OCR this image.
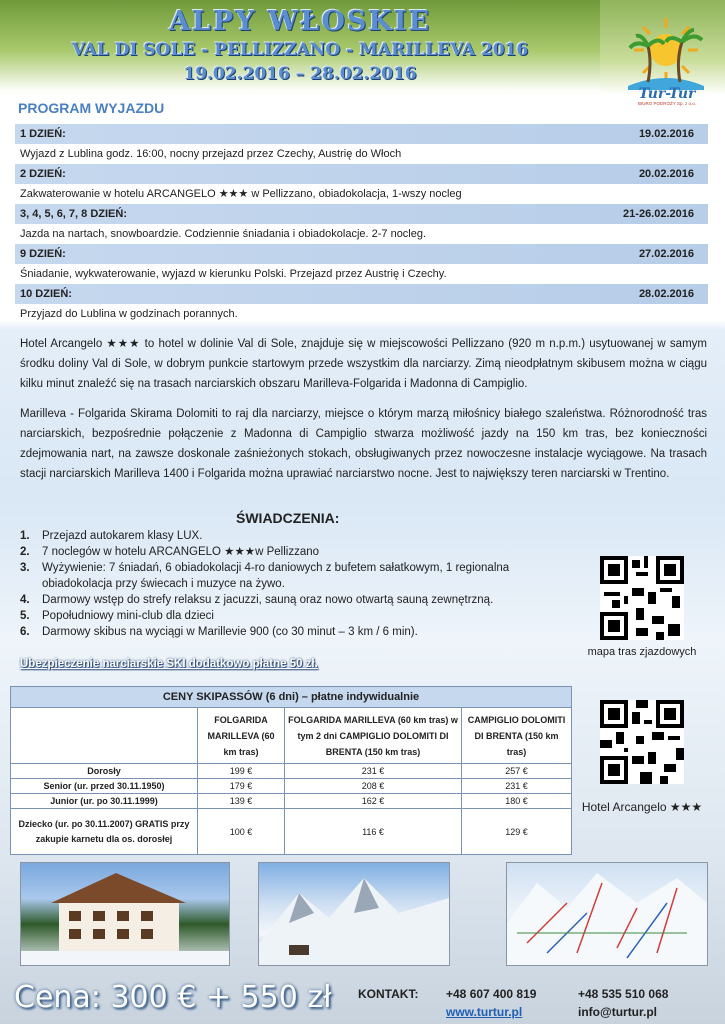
ALPY WŁOSKIE
VAL DI SOLE - PELLIZZANO - MARILLEVA 2016
19.02.2016 – 28.02.2016
Tur-Tur
BIURO PODRÓŻY Sp. z o.o.
PROGRAM WYJAZDU
1 DZIEŃ:	19.02.2016
Wyjazd z Lublina godz. 16:00, nocny przejazd przez Czechy, Austrię do Włoch
2 DZIEŃ:	20.02.2016
Zakwaterowanie w hotelu ARCANGELO ★★★ w Pellizzano, obiadokolacja, 1-wszy nocleg
3, 4, 5, 6, 7, 8 DZIEŃ:	21-26.02.2016
Jazda na nartach, snowboardzie. Codziennie śniadania i obiadokolacje. 2-7 nocleg.
9 DZIEŃ:	27.02.2016
Śniadanie, wykwaterowanie, wyjazd w kierunku Polski. Przejazd przez Austrię i Czechy.
10 DZIEŃ:	28.02.2016
Przyjazd do Lublina w godzinach porannych.
Hotel Arcangelo ★★★ to hotel w dolinie Val di Sole, znajduje się w miejscowości Pellizzano (920 m n.p.m.) usytuowanej w samym środku doliny Val di Sole, w dobrym punkcie startowym przede wszystkim dla narciarzy. Zimą nieodpłatnym skibusem można w ciągu kilku minut znaleźć się na trasach narciarskich obszaru Marilleva-Folgarida i Madonna di Campiglio.
Marilleva - Folgarida Skirama Dolomiti to raj dla narciarzy, miejsce o którym marzą miłośnicy białego szaleństwa. Różnorodność tras narciarskich, bezpośrednie połączenie z Madonna di Campiglio stwarza możliwość jazdy na 150 km tras, bez konieczności zdejmowania nart, na zawsze doskonale zaśnieżonych stokach, obsługiwanych przez nowoczesne instalacje wyciągowe. Na trasach stacji narciarskich Marilleva 1400 i Folgarida można uprawiać narciarstwo nocne. Jest to największy teren narciarski w Trentino.
ŚWIADCZENIA:
1.	Przejazd autokarem klasy LUX.
2.	7 noclegów w hotelu ARCANGELO ★★★w Pellizzano
3.	Wyżywienie: 7 śniadań, 6 obiadokolacji 4-ro daniowych z bufetem sałatkowym, 1 regionalna obiadokolacja przy świecach i muzyce na żywo.
4.	Darmowy wstęp do strefy relaksu z jacuzzi, sauną oraz nowo otwartą sauną zewnętrzną.
5.	Popołudniowy mini-club dla dzieci
6.	Darmowy skibus na wyciągi w Marillevie 900 (co 30 minut – 3 km / 6 min).
Ubezpieczenie narciarskie SKI dodatkowo płatne 50 zł.
mapa tras zjazdowych
Hotel Arcangelo ★★★
CENY SKIPASSÓW (6 dni) – płatne indywidualnie			
	FOLGARIDA MARILLEVA (60 km tras)	FOLGARIDA MARILLEVA (60 km tras) w tym 2 dni CAMPIGLIO DOLOMITI DI BRENTA (150 km tras)	CAMPIGLIO DOLOMITI DI BRENTA (150 km tras)
Dorosły	199 €	231 €	257 €
Senior (ur. przed 30.11.1950)	179 €	208 €	231 €
Junior (ur. po 30.11.1999)	139 €	162 €	180 €
Dziecko (ur. po 30.11.2007) GRATIS przy zakupie karnetu dla os. dorosłej	100 €	116 €	129 €
Cena: 300 € + 550 zł KONTAKT: +48 607 400 819	+48 535 510 068
www.turtur.pl	info@turtur.pl
